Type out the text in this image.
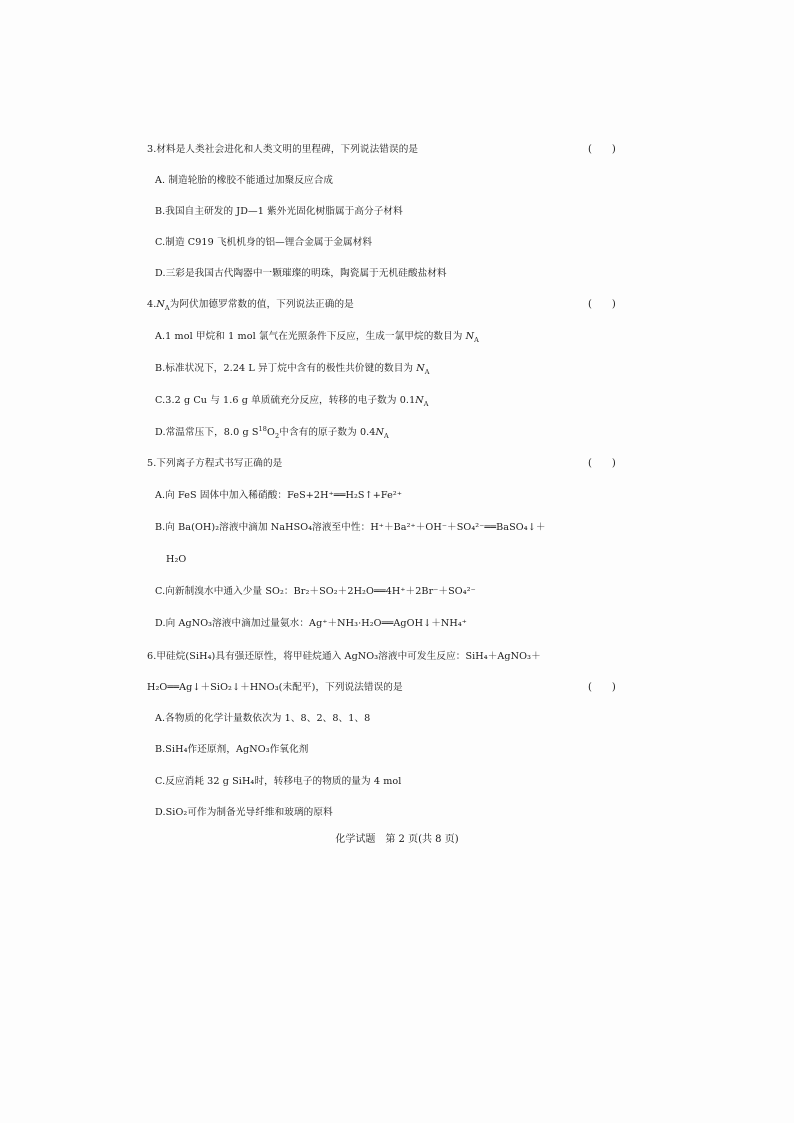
3.材料是人类社会进化和人类文明的里程碑，下列说法错误的是	(　　)
A. 制造轮胎的橡胶不能通过加聚反应合成
B.我国自主研发的 JD—1 紫外光固化树脂属于高分子材料
C.制造 C919 飞机机身的铝—锂合金属于金属材料
D.三彩是我国古代陶器中一颗璀璨的明珠，陶瓷属于无机硅酸盐材料
$4.N_A$为阿伏加德罗常数的值，下列说法正确的是	(　　)
A.1 mol 甲烷和 1 mol 氯气在光照条件下反应，生成一氯甲烷的数目为 $N_A$
B.标准状况下，2.24 L 异丁烷中含有的极性共价键的数目为 $N_A$
C.3.2 g Cu 与 1.6 g 单质硫充分反应，转移的电子数为 $0.1N_A$
D.常温常压下，8.0 g $S^{18}O_2$中含有的原子数为 $0.4N_A$
5.下列离子方程式书写正确的是	(　　)
A.向 FeS 固体中加入稀硝酸：FeS+2H⁺══H₂S↑+Fe²⁺
B.向 Ba(OH)₂溶液中滴加 NaHSO₄溶液至中性：H⁺＋Ba²⁺＋OH⁻＋SO₄²⁻══BaSO₄↓＋
H₂O
C.向新制溴水中通入少量 SO₂：Br₂＋SO₂＋2H₂O══4H⁺＋2Br⁻＋SO₄²⁻
D.向 AgNO₃溶液中滴加过量氨水：Ag⁺＋NH₃·H₂O══AgOH↓＋NH₄⁺
6.甲硅烷(SiH₄)具有强还原性，将甲硅烷通入 AgNO₃溶液中可发生反应：SiH₄＋AgNO₃＋
H₂O══Ag↓＋SiO₂↓＋HNO₃(未配平)，下列说法错误的是	(　　)
A.各物质的化学计量数依次为 1、8、2、8、1、8
B.SiH₄作还原剂，AgNO₃作氧化剂
C.反应消耗 32 g SiH₄时，转移电子的物质的量为 4 mol
D.SiO₂可作为制备光导纤维和玻璃的原料
化学试题　第 2 页(共 8 页)
